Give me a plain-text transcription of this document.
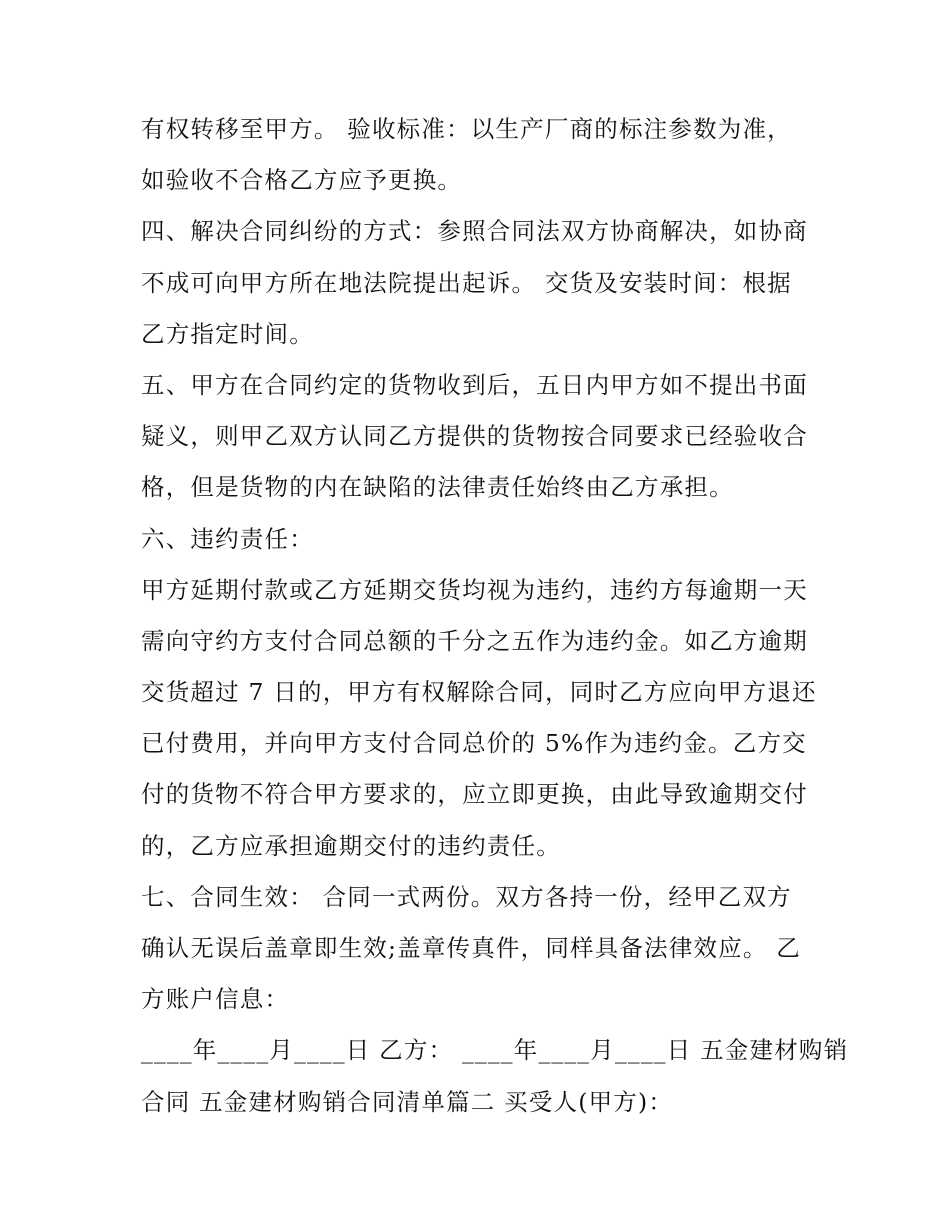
有权转移至甲方。 验收标准：以生产厂商的标注参数为准，
如验收不合格乙方应予更换。
四、解决合同纠纷的方式：参照合同法双方协商解决，如协商
不成可向甲方所在地法院提出起诉。 交货及安装时间：根据
乙方指定时间。
五、甲方在合同约定的货物收到后，五日内甲方如不提出书面
疑义，则甲乙双方认同乙方提供的货物按合同要求已经验收合
格，但是货物的内在缺陷的法律责任始终由乙方承担。
六、违约责任：
甲方延期付款或乙方延期交货均视为违约，违约方每逾期一天
需向守约方支付合同总额的千分之五作为违约金。如乙方逾期
交货超过 7 日的，甲方有权解除合同，同时乙方应向甲方退还
已付费用，并向甲方支付合同总价的 5%作为违约金。乙方交
付的货物不符合甲方要求的，应立即更换，由此导致逾期交付
的，乙方应承担逾期交付的违约责任。
七、合同生效： 合同一式两份。双方各持一份，经甲乙双方
确认无误后盖章即生效;盖章传真件，同样具备法律效应。 乙
方账户信息：
____年____月____日 乙方： ____年____月____日 五金建材购销
合同 五金建材购销合同清单篇二 买受人(甲方)：
